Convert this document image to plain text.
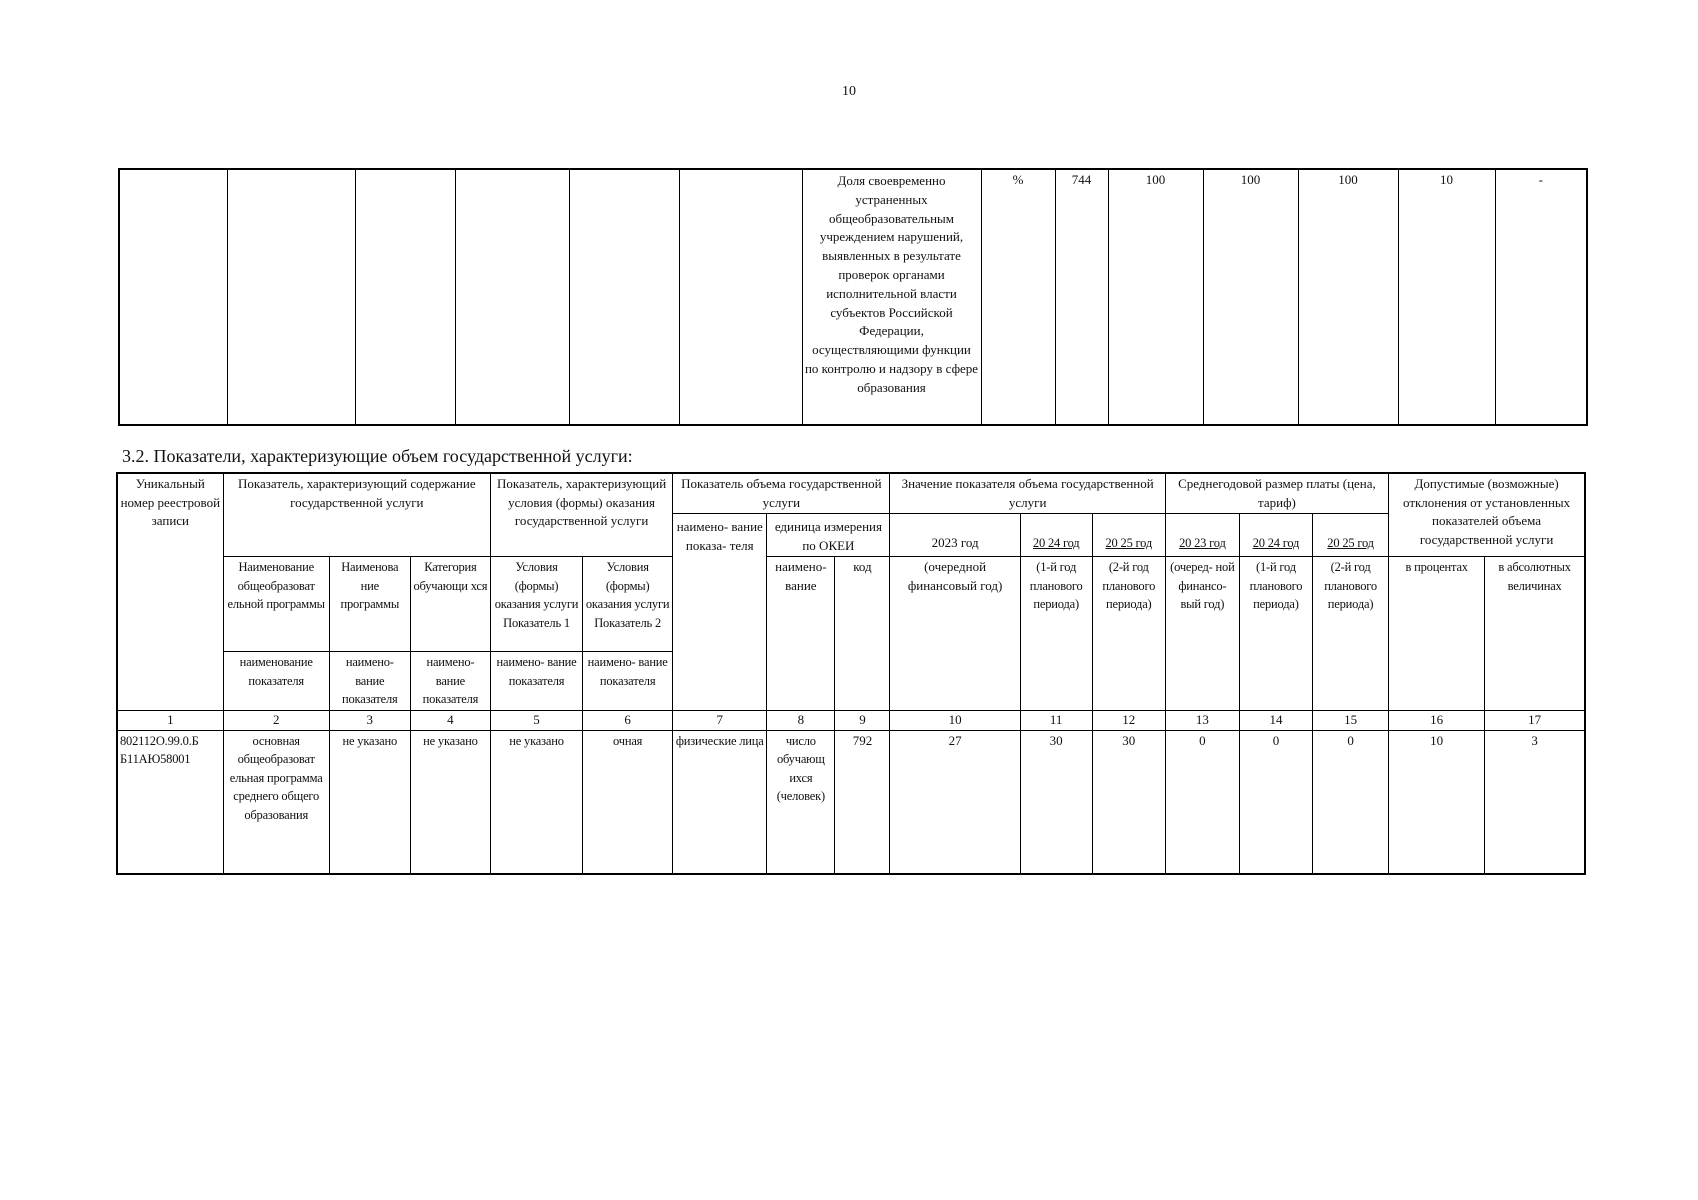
10
						Доля своевременно устраненных общеобразовательным учреждением нарушений, выявленных в результате проверок органами исполнительной власти субъектов Российской Федерации, осуществляющими функции по контролю и надзору в сфере образования	%	744	100	100	100	10	-
3.2. Показатели, характеризующие объем государственной услуги:
Уникальный номер реестровой записи	Показатель, характеризующий содержание государственной услуги			Показатель, характеризующий условия (формы) оказания государственной услуги		Показатель объема государственной услуги			Значение показателя объема государственной услуги			Среднегодовой размер платы (цена, тариф)			Допустимые (возможные) отклонения от установленных показателей объема государственной услуги	
						наимено- вание показа- теля	единица измерения по ОКЕИ		2023 год	20 24 год	20 25 год	20 23 год	20 24 год	20 25 год		
	Наименование общеобразоват ельной программы	Наименова ние программы	Категория обучающи хся	Условия (формы) оказания услуги Показатель 1	Условия (формы) оказания услуги Показатель 2		наимено- вание	код	(очередной финансовый год)	(1-й год планового периода)	(2-й год планового периода)	(очеред- ной финансо- вый год)	(1-й год планового периода)	(2-й год планового периода)	в процентах	в абсолютных величинах
	наименование показателя	наимено- вание показателя	наимено- вание показателя	наимено- вание показателя	наимено- вание показателя											
1	2	3	4	5	6	7	8	9	10	11	12	13	14	15	16	17
802112О.99.0.Б Б11АЮ58001	основная общеобразоват ельная программа среднего общего образования	не указано	не указано	не указано	очная	физические лица	число обучающ ихся (человек)	792	27	30	30	0	0	0	10	3
